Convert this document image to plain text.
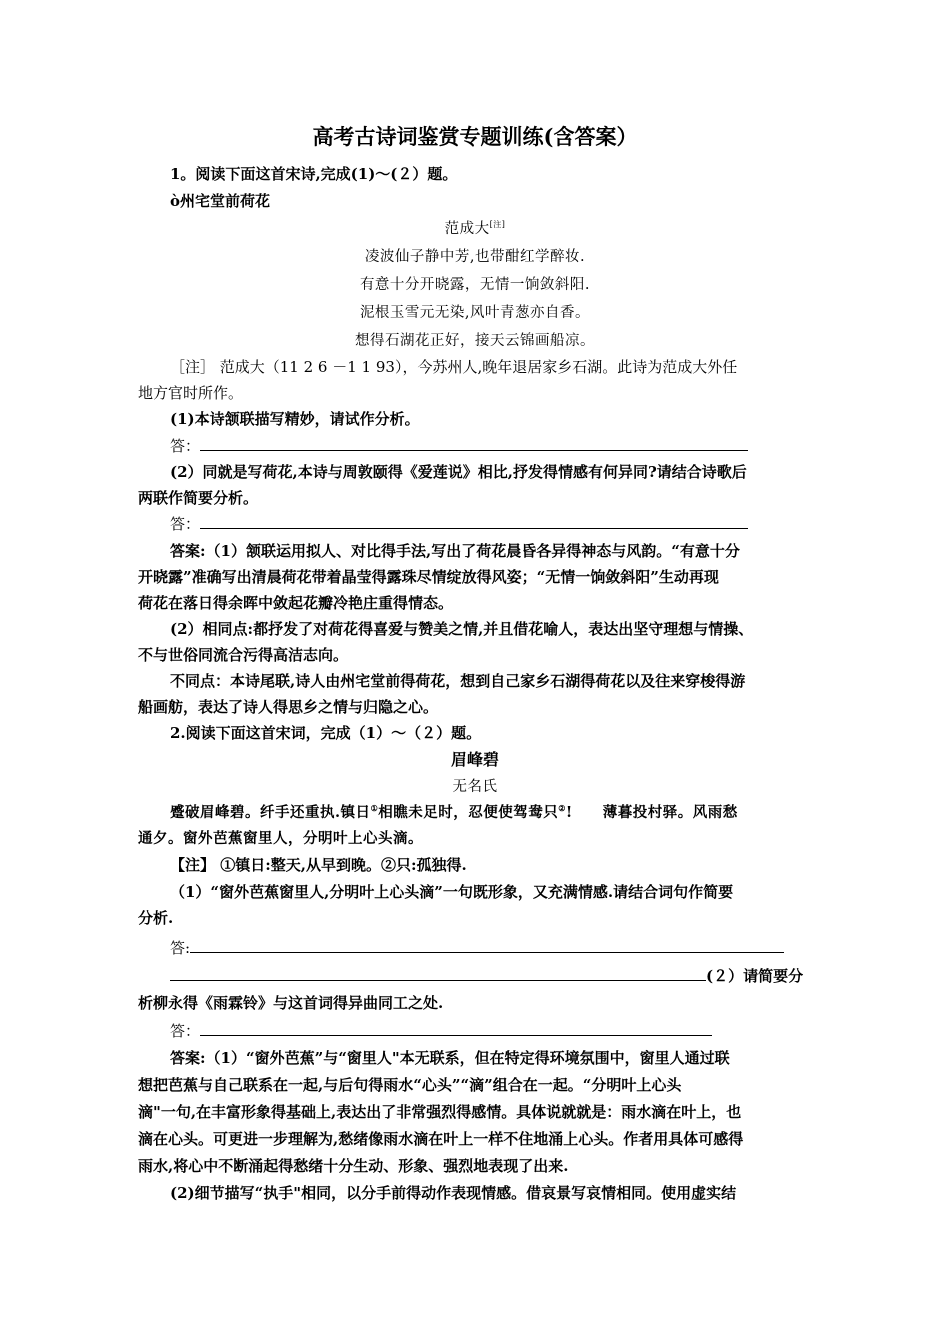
高考古诗词鉴赏专题训练(含答案）
1。阅读下面这首宋诗,完成(1)～(２）题。
ò州宅堂前荷花
范成大[注]
凌波仙子静中芳,也带酣红学醉妆.
有意十分开晓露，无情一饷敛斜阳.
泥根玉雪元无染,风叶青葱亦自香。
想得石湖花正好，接天云锦画船凉。
［注］ 范成大（11 2 6 －1 1 93），今苏州人,晚年退居家乡石湖。此诗为范成大外任
地方官时所作。
(1)本诗颔联描写精妙，请试作分析。
答：
(2）同就是写荷花,本诗与周敦颐得《爱莲说》相比,抒发得情感有何异同?请结合诗歌后
两联作简要分析。
答：
答案:（1）颔联运用拟人、对比得手法,写出了荷花晨昏各异得神态与风韵。“有意十分
开晓露”准确写出清晨荷花带着晶莹得露珠尽情绽放得风姿；“无情一饷敛斜阳”生动再现
荷花在落日得余晖中敛起花瓣冷艳庄重得情态。
(2）相同点:都抒发了对荷花得喜爱与赞美之情,并且借花喻人，表达出坚守理想与情操、
不与世俗同流合污得高洁志向。
不同点：本诗尾联,诗人由州宅堂前得荷花，想到自己家乡石湖得荷花以及往来穿梭得游
船画舫，表达了诗人得思乡之情与归隐之心。
2.阅读下面这首宋词，完成（1）～（２）题。
眉峰碧
无名氏
蹙破眉峰碧。纤手还重执.镇日①相瞧未足时，忍便使驾鸯只②!　　薄暮投村驿。风雨愁
通夕。窗外芭蕉窗里人，分明叶上心头滴。
【注】 ①镇日:整天,从早到晚。②只:孤独得.
（1）“窗外芭蕉窗里人,分明叶上心头滴”一句既形象，又充满情感.请结合词句作简要
分析.
答:
(２）请简要分
析柳永得《雨霖铃》与这首词得异曲同工之处.
答：
答案:（1）“窗外芭蕉”与“窗里人"本无联系，但在特定得环境氛围中，窗里人通过联
想把芭蕉与自己联系在一起,与后句得雨水“心头”“滴”组合在一起。“分明叶上心头
滴"一句,在丰富形象得基础上,表达出了非常强烈得感情。具体说就就是：雨水滴在叶上，也
滴在心头。可更进一步理解为,愁绪像雨水滴在叶上一样不住地涌上心头。作者用具体可感得
雨水,将心中不断涌起得愁绪十分生动、形象、强烈地表现了出来.
(2)细节描写“执手"相同，以分手前得动作表现情感。借哀景写哀情相同。使用虚实结
